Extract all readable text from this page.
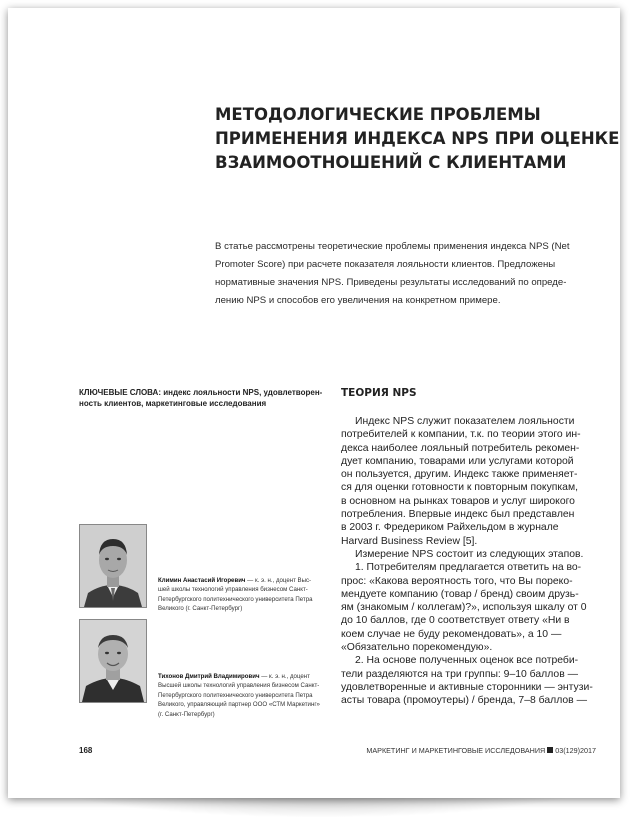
МЕТОДОЛОГИЧЕСКИЕ ПРОБЛЕМЫ
ПРИМЕНЕНИЯ ИНДЕКСА NPS ПРИ ОЦЕНКЕ
ВЗАИМООТНОШЕНИЙ С КЛИЕНТАМИ
В статье рассмотрены теоретические проблемы применения индекса NPS (Net
Promoter Score) при расчете показателя лояльности клиентов. Предложены
нормативные значения NPS. Приведены результаты исследований по опреде-
лению NPS и способов его увеличения на конкретном примере.
КЛЮЧЕВЫЕ СЛОВА: индекс лояльности NPS, удовлетворен-
ность клиентов, маркетинговые исследования
Климин Анастасий Игоревич — к. э. н., доцент Выс-
шей школы технологий управления бизнесом Санкт-
Петербургского политехнического университета Петра
Великого (г. Санкт-Петербург)
Тихонов Дмитрий Владимирович — к. э. н., доцент
Высшей школы технологий управления бизнесом Санкт-
Петербургского политехнического университета Петра
Великого, управляющий партнер ООО «СТМ Маркетинг»
(г. Санкт-Петербург)
ТЕОРИЯ NPS
Индекс NPS служит показателем лояльности
потребителей к компании, т.к. по теории этого ин-
декса наиболее лояльный потребитель рекомен-
дует компанию, товарами или услугами которой
он пользуется, другим. Индекс также применяет-
ся для оценки готовности к повторным покупкам,
в основном на рынках товаров и услуг широкого
потребления. Впервые индекс был представлен
в 2003 г. Фредериком Райхельдом в журнале
Harvard Business Review [5].
Измерение NPS состоит из следующих этапов.
1. Потребителям предлагается ответить на во-
прос: «Какова вероятность того, что Вы пореко-
мендуете компанию (товар / бренд) своим друзь-
ям (знакомым / коллегам)?», используя шкалу от 0
до 10 баллов, где 0 соответствует ответу «Ни в
коем случае не буду рекомендовать», а 10 —
«Обязательно порекомендую».
2. На основе полученных оценок все потреби-
тели разделяются на три группы: 9–10 баллов —
удовлетворенные и активные сторонники — энтузи-
асты товара (промоутеры) / бренда, 7–8 баллов —
168	МАРКЕТИНГ И МАРКЕТИНГОВЫЕ ИССЛЕДОВАНИЯ 03(129)2017
